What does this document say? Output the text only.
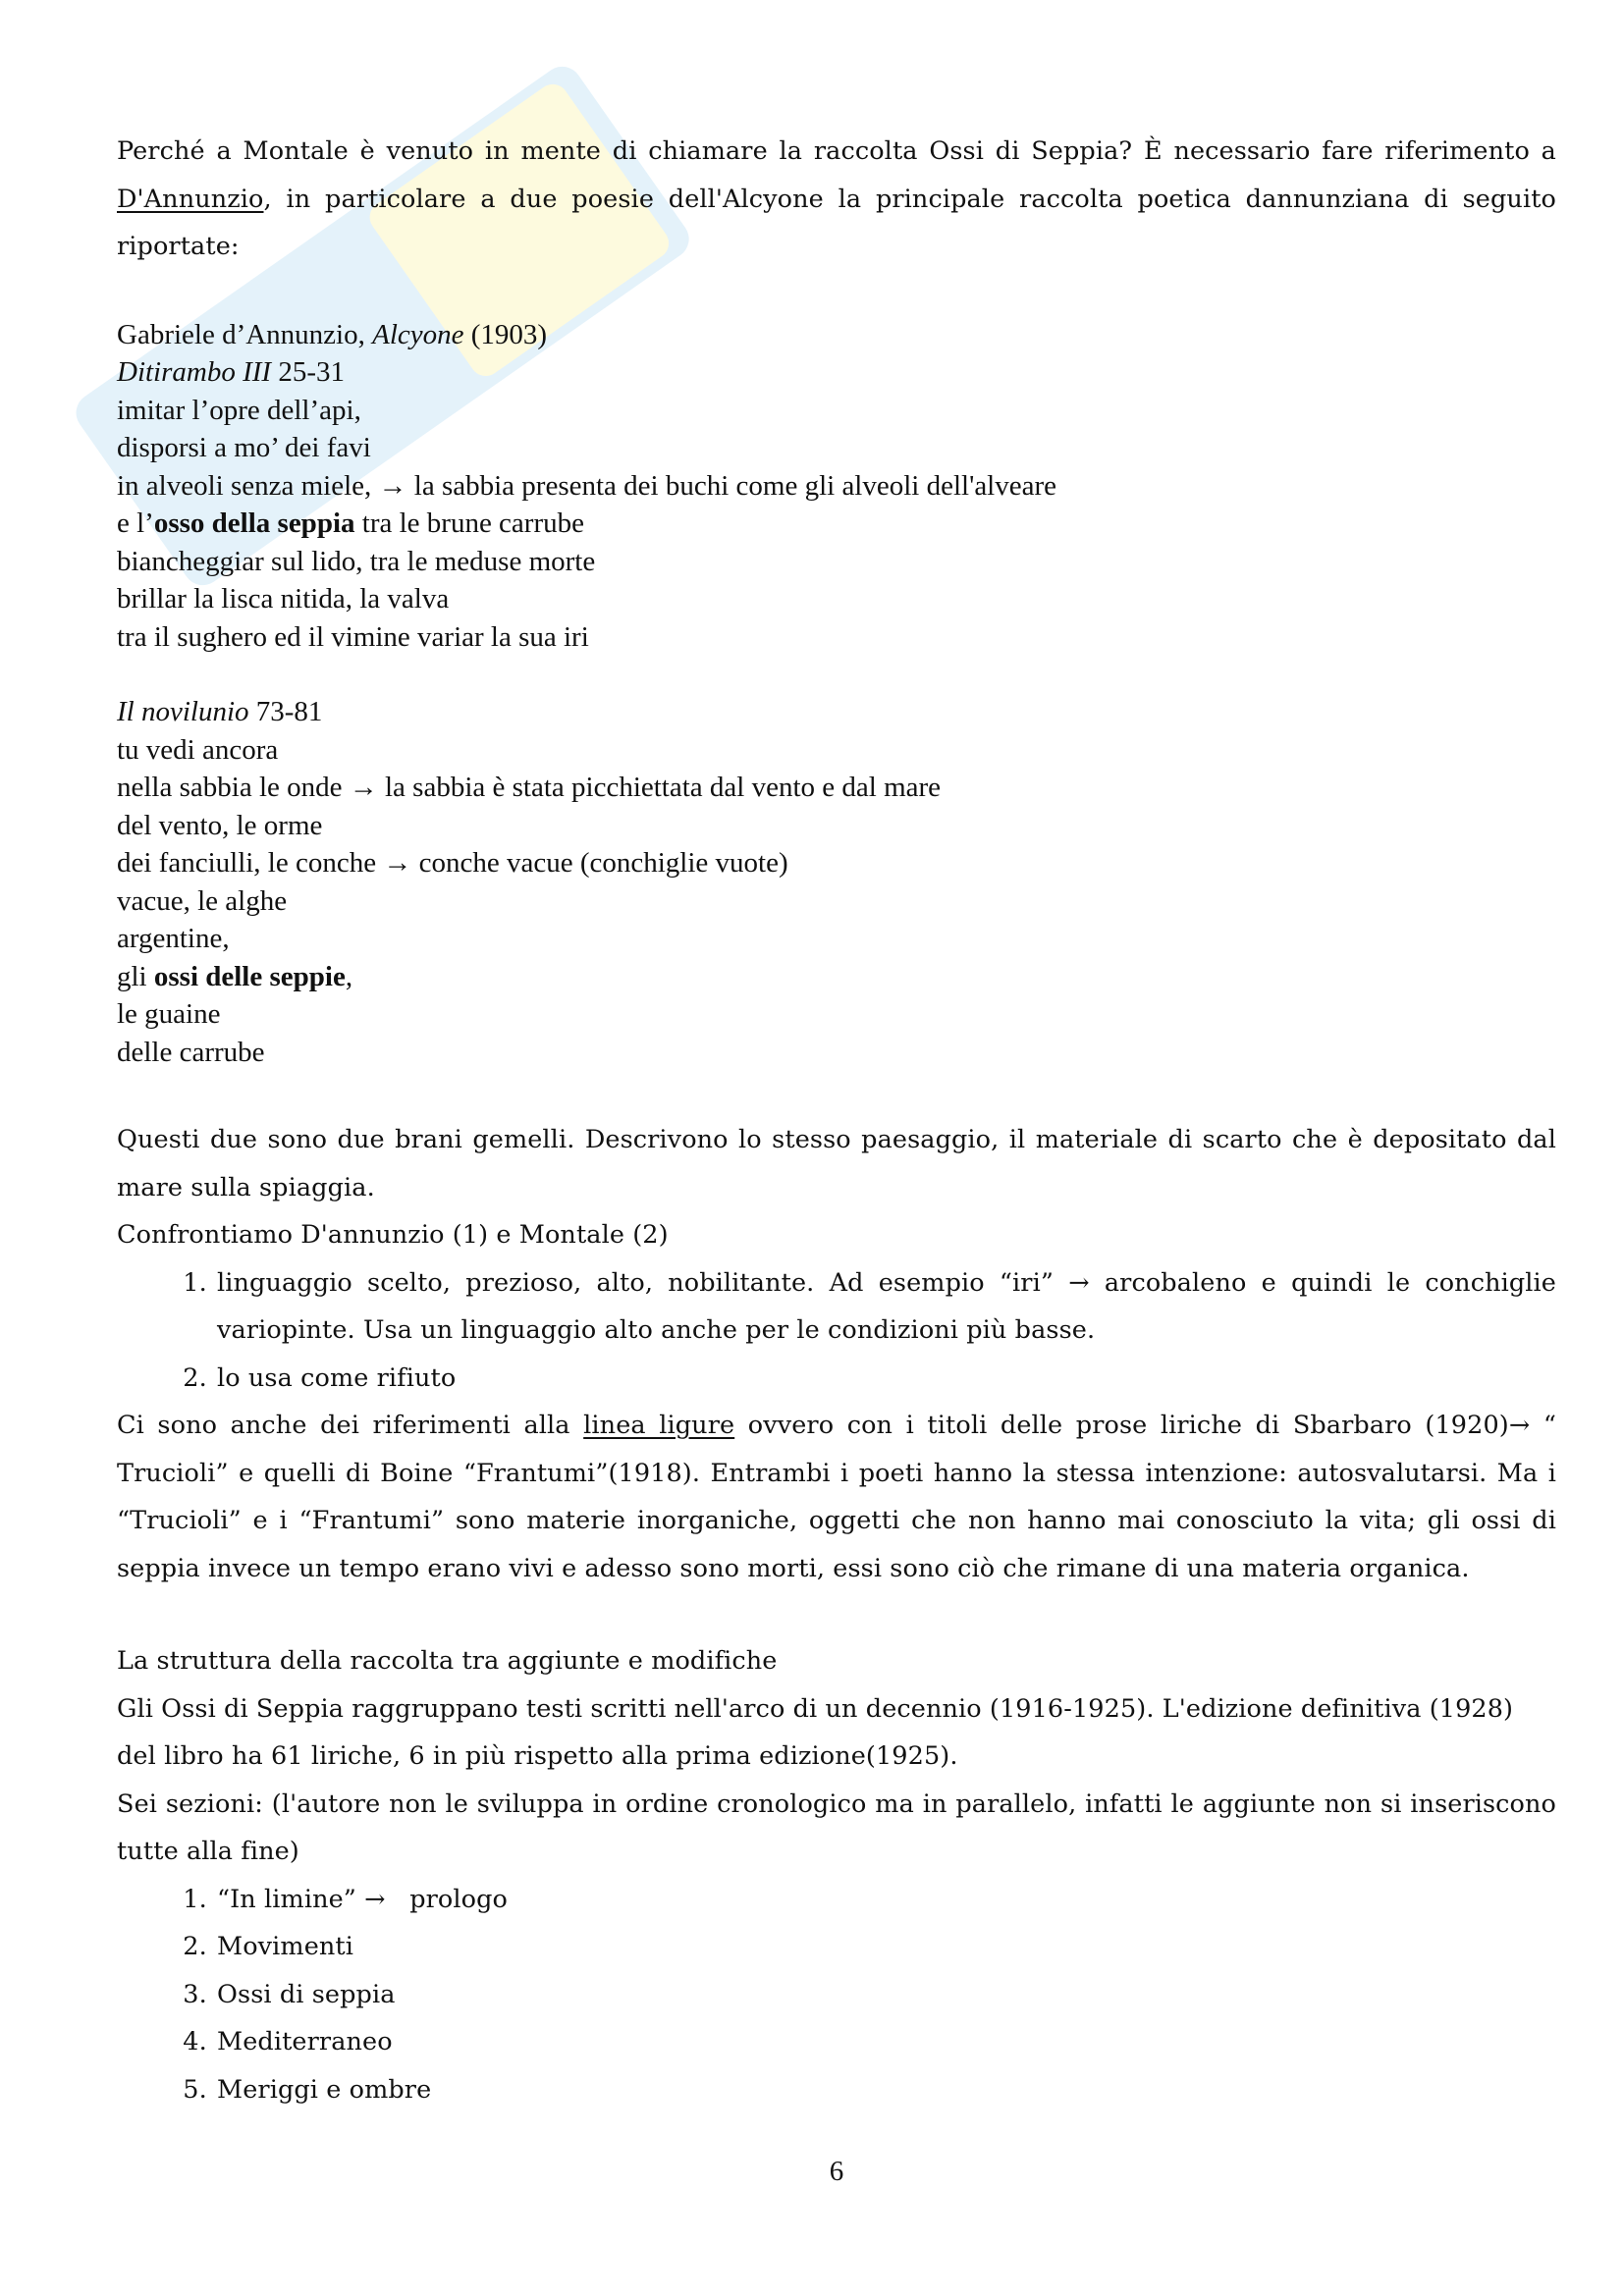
Perché a Montale è venuto in mente di chiamare la raccolta Ossi di Seppia? È necessario fare riferimento a D'Annunzio, in particolare a due poesie dell'Alcyone la principale raccolta poetica dannunziana di seguito riportate:
Gabriele d’Annunzio, Alcyone (1903)
Ditirambo III 25-31
imitar l’opre dell’api,
disporsi a mo’ dei favi
in alveoli senza miele, → la sabbia presenta dei buchi come gli alveoli dell'alveare
e l’osso della seppia tra le brune carrube
biancheggiar sul lido, tra le meduse morte
brillar la lisca nitida, la valva
tra il sughero ed il vimine variar la sua iri
Il novilunio 73-81
tu vedi ancora
nella sabbia le onde → la sabbia è stata picchiettata dal vento e dal mare
del vento, le orme
dei fanciulli, le conche → conche vacue (conchiglie vuote)
vacue, le alghe
argentine,
gli ossi delle seppie,
le guaine
delle carrube
Questi due sono due brani gemelli. Descrivono lo stesso paesaggio, il materiale di scarto che è depositato dal mare sulla spiaggia.
Confrontiamo D'annunzio (1) e Montale (2)
1. linguaggio scelto, prezioso, alto, nobilitante. Ad esempio “iri” → arcobaleno e quindi le conchiglie variopinte. Usa un linguaggio alto anche per le condizioni più basse.
2. lo usa come rifiuto
Ci sono anche dei riferimenti alla linea ligure ovvero con i titoli delle prose liriche di Sbarbaro (1920)→ “ Trucioli” e quelli di Boine “Frantumi”(1918). Entrambi i poeti hanno la stessa intenzione: autosvalutarsi. Ma i “Trucioli” e i “Frantumi” sono materie inorganiche, oggetti che non hanno mai conosciuto la vita; gli ossi di seppia invece un tempo erano vivi e adesso sono morti, essi sono ciò che rimane di una materia organica.
La struttura della raccolta tra aggiunte e modifiche
Gli Ossi di Seppia raggruppano testi scritti nell'arco di un decennio (1916-1925). L'edizione definitiva (1928) del libro ha 61 liriche, 6 in più rispetto alla prima edizione(1925).
Sei sezioni: (l'autore non le sviluppa in ordine cronologico ma in parallelo, infatti le aggiunte non si inseriscono tutte alla fine)
1. “In limine” →   prologo
2. Movimenti
3. Ossi di seppia
4. Mediterraneo
5. Meriggi e ombre
6
